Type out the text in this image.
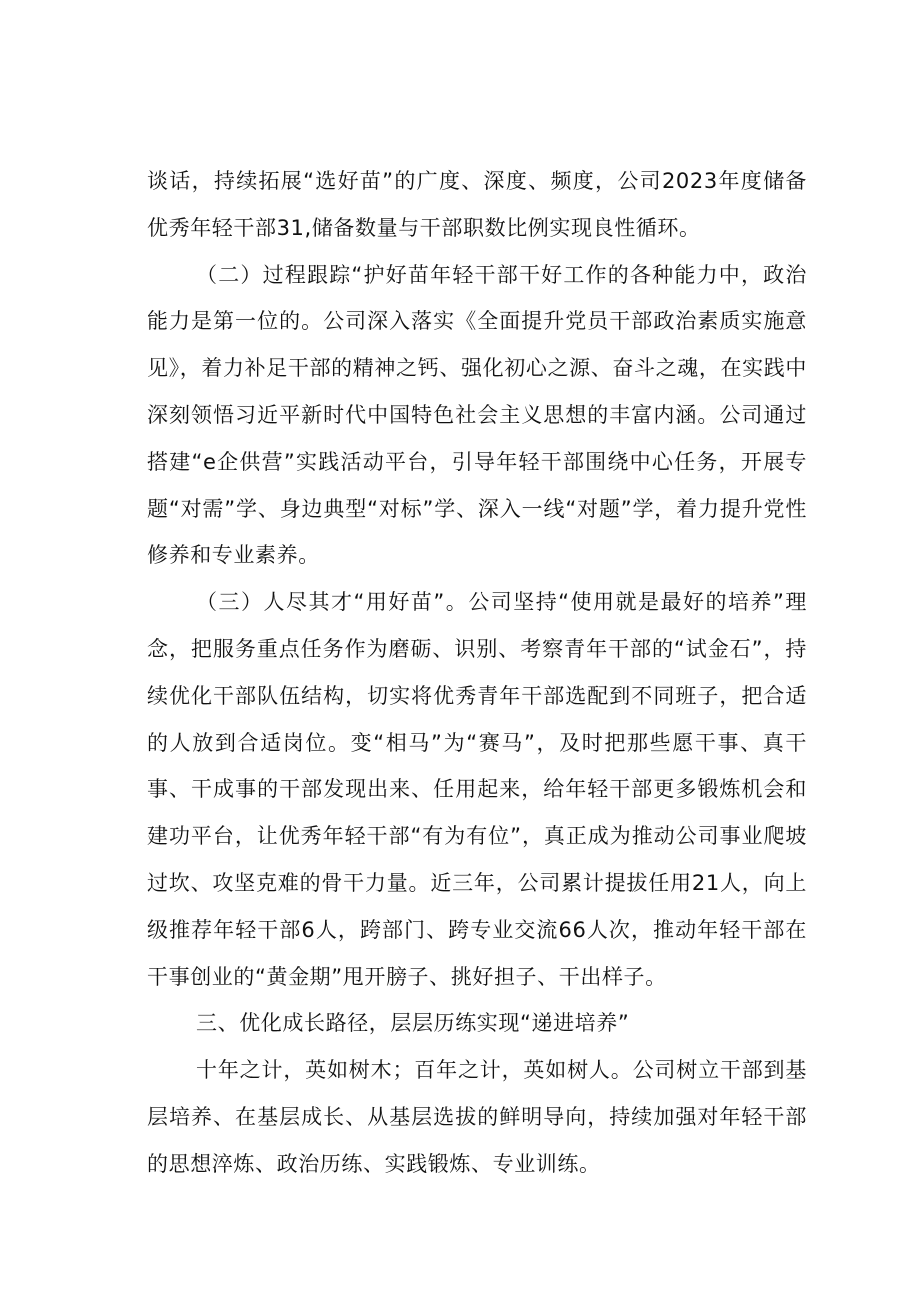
谈话，持续拓展“选好苗”的广度、深度、频度，公司2023年度储备优秀年轻干部31,储备数量与干部职数比例实现良性循环。

（二）过程跟踪“护好苗年轻干部干好工作的各种能力中，政治能力是第一位的。公司深入落实《全面提升党员干部政治素质实施意见》，着力补足干部的精神之钙、强化初心之源、奋斗之魂，在实践中深刻领悟习近平新时代中国特色社会主义思想的丰富内涵。公司通过搭建“e企供营”实践活动平台，引导年轻干部围绕中心任务，开展专题“对需”学、身边典型“对标”学、深入一线“对题”学，着力提升党性修养和专业素养。

（三）人尽其才“用好苗”。公司坚持“使用就是最好的培养”理念，把服务重点任务作为磨砺、识别、考察青年干部的“试金石”，持续优化干部队伍结构，切实将优秀青年干部选配到不同班子，把合适的人放到合适岗位。变“相马”为“赛马”，及时把那些愿干事、真干事、干成事的干部发现出来、任用起来，给年轻干部更多锻炼机会和建功平台，让优秀年轻干部“有为有位”，真正成为推动公司事业爬坡过坎、攻坚克难的骨干力量。近三年，公司累计提拔任用21人，向上级推荐年轻干部6人，跨部门、跨专业交流66人次，推动年轻干部在干事创业的“黄金期”甩开膀子、挑好担子、干出样子。

三、优化成长路径，层层历练实现“递进培养”

十年之计，英如树木；百年之计，英如树人。公司树立干部到基层培养、在基层成长、从基层选拔的鲜明导向，持续加强对年轻干部的思想淬炼、政治历练、实践锻炼、专业训练。
